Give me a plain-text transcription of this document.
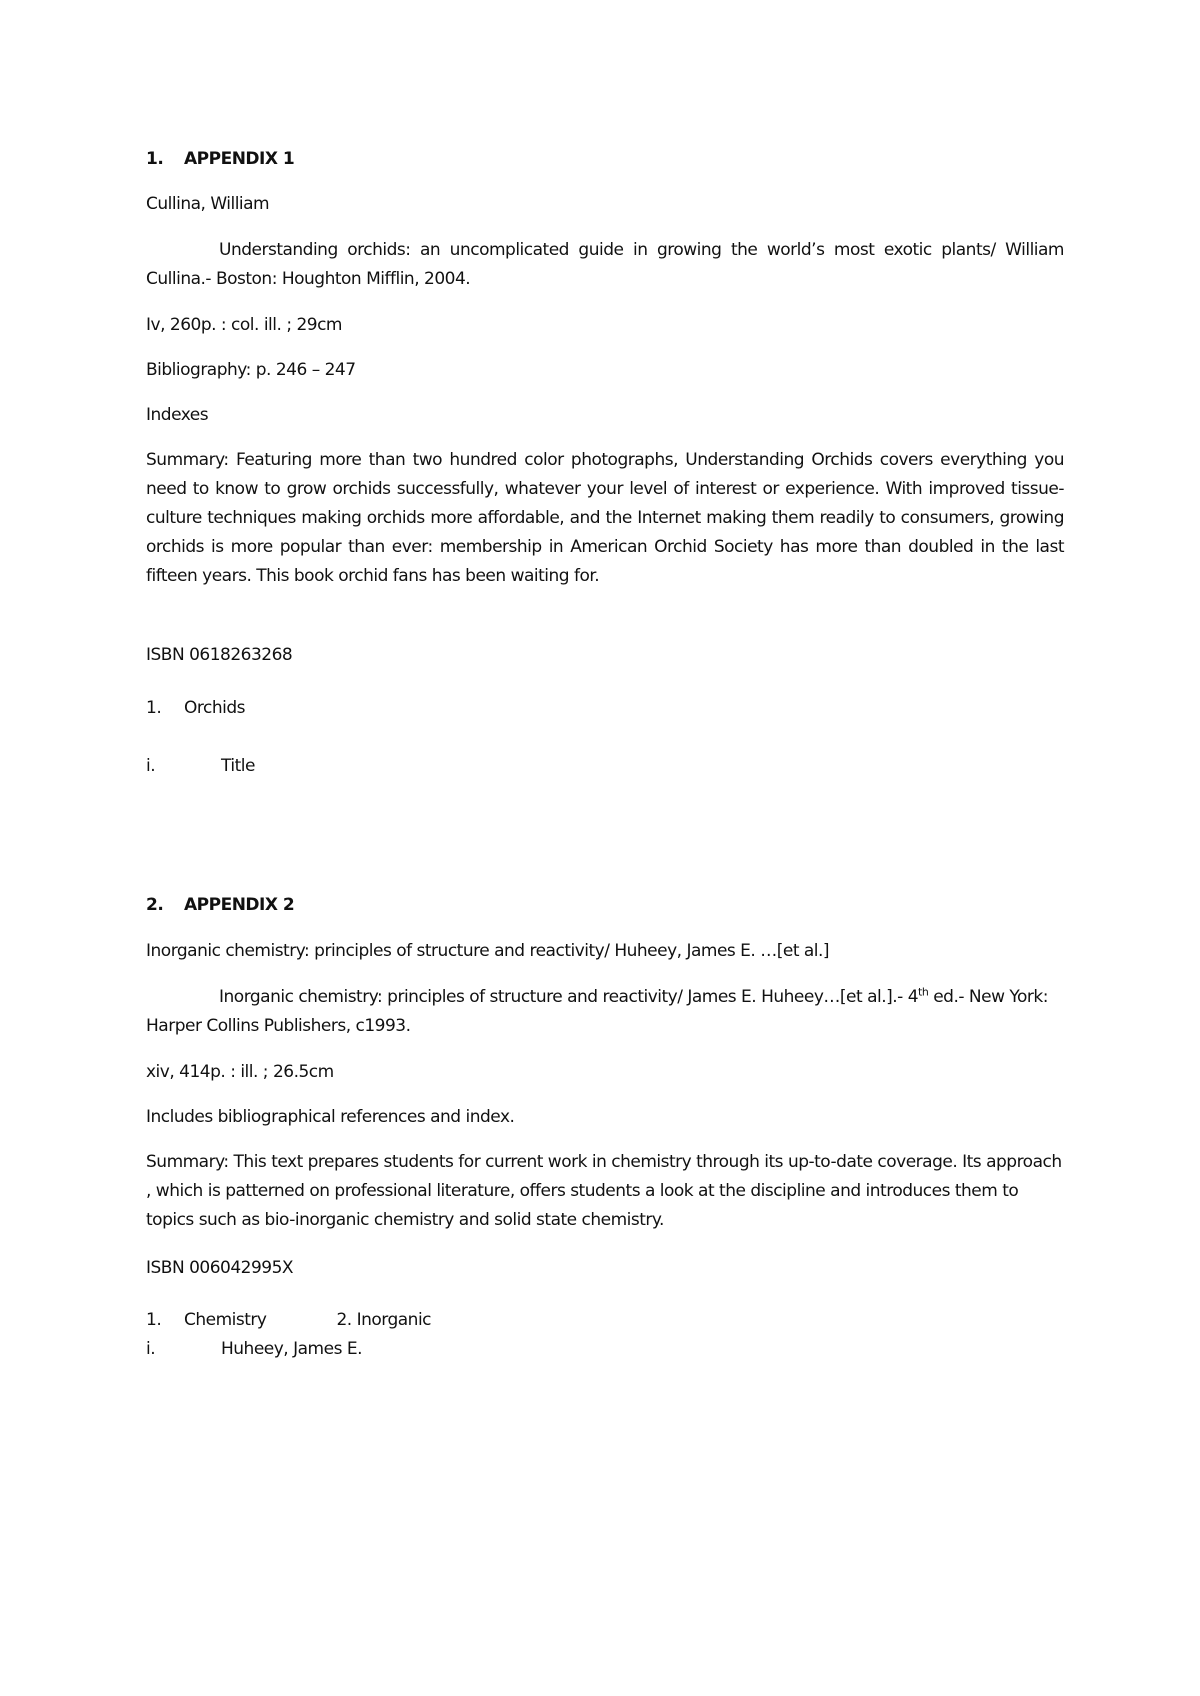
1. APPENDIX 1

Cullina, William

Understanding orchids: an uncomplicated guide in growing the world’s most exotic plants/ William Cullina.- Boston: Houghton Mifflin, 2004.

Iv, 260p. : col. ill. ; 29cm

Bibliography: p. 246 – 247

Indexes

Summary: Featuring more than two hundred color photographs, Understanding Orchids covers everything you need to know to grow orchids successfully, whatever your level of interest or experience. With improved tissue-culture techniques making orchids more affordable, and the Internet making them readily to consumers, growing orchids is more popular than ever: membership in American Orchid Society has more than doubled in the last fifteen years. This book orchid fans has been waiting for.

ISBN 0618263268

1. Orchids

i.	Title

2. APPENDIX 2

Inorganic chemistry: principles of structure and reactivity/ Huheey, James E. …[et al.]

Inorganic chemistry: principles of structure and reactivity/ James E. Huheey…[et al.].- 4th ed.- New York: Harper Collins Publishers, c1993.

xiv, 414p. : ill. ; 26.5cm

Includes bibliographical references and index.

Summary: This text prepares students for current work in chemistry through its up-to-date coverage. Its approach , which is patterned on professional literature, offers students a look at the discipline and introduces them to topics such as bio-inorganic chemistry and solid state chemistry.

ISBN 006042995X

1. Chemistry	2. Inorganic

i.	Huheey, James E.
